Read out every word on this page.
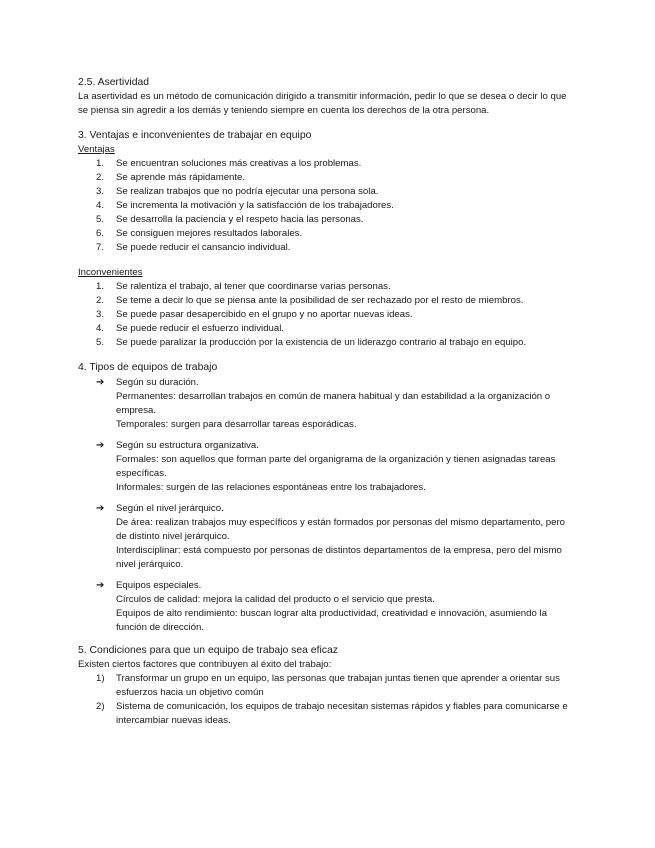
2.5. Asertividad

La asertividad es un método de comunicación dirigido a transmitir información, pedir lo que se desea o decir lo que se piensa sin agredir a los demás y teniendo siempre en cuenta los derechos de la otra persona.

3. Ventajas e inconvenientes de trabajar en equipo

Ventajas

1. Se encuentran soluciones más creativas a los problemas.
2. Se aprende más rápidamente.
3. Se realizan trabajos que no podría ejecutar una persona sola.
4. Se incrementa la motivación y la satisfacción de los trabajadores.
5. Se desarrolla la paciencia y el respeto hacia las personas.
6. Se consiguen mejores resultados laborales.
7. Se puede reducir el cansancio individual.

Inconvenientes

1. Se ralentiza el trabajo, al tener que coordinarse varias personas.
2. Se teme a decir lo que se piensa ante la posibilidad de ser rechazado por el resto de miembros.
3. Se puede pasar desapercibido en el grupo y no aportar nuevas ideas.
4. Se puede reducir el esfuerzo individual.
5. Se puede paralizar la producción por la existencia de un liderazgo contrario al trabajo en equipo.

4. Tipos de equipos de trabajo

➔ Según su duración.

Permanentes: desarrollan trabajos en común de manera habitual y dan estabilidad a la organización o empresa.

Temporales: surgen para desarrollar tareas esporádicas.

➔ Según su estructura organizativa.

Formales: son aquellos que forman parte del organigrama de la organización y tienen asignadas tareas específicas.

Informales: surgen de las relaciones espontáneas entre los trabajadores.

➔ Según el nivel jerárquico.

De área: realizan trabajos muy específicos y están formados por personas del mismo departamento, pero de distinto nivel jerárquico.

Interdisciplinar: está compuesto por personas de distintos departamentos de la empresa, pero del mismo nivel jerárquico.

➔ Equipos especiales.

Círculos de calidad: mejora la calidad del producto o el servicio que presta.

Equipos de alto rendimiento: buscan lograr alta productividad, creatividad e innovación, asumiendo la función de dirección.

5. Condiciones para que un equipo de trabajo sea eficaz

Existen ciertos factores que contribuyen al éxito del trabajo:

1) Transformar un grupo en un equipo, las personas que trabajan juntas tienen que aprender a orientar sus esfuerzos hacia un objetivo común
2) Sistema de comunicación, los equipos de trabajo necesitan sistemas rápidos y fiables para comunicarse e intercambiar nuevas ideas.
